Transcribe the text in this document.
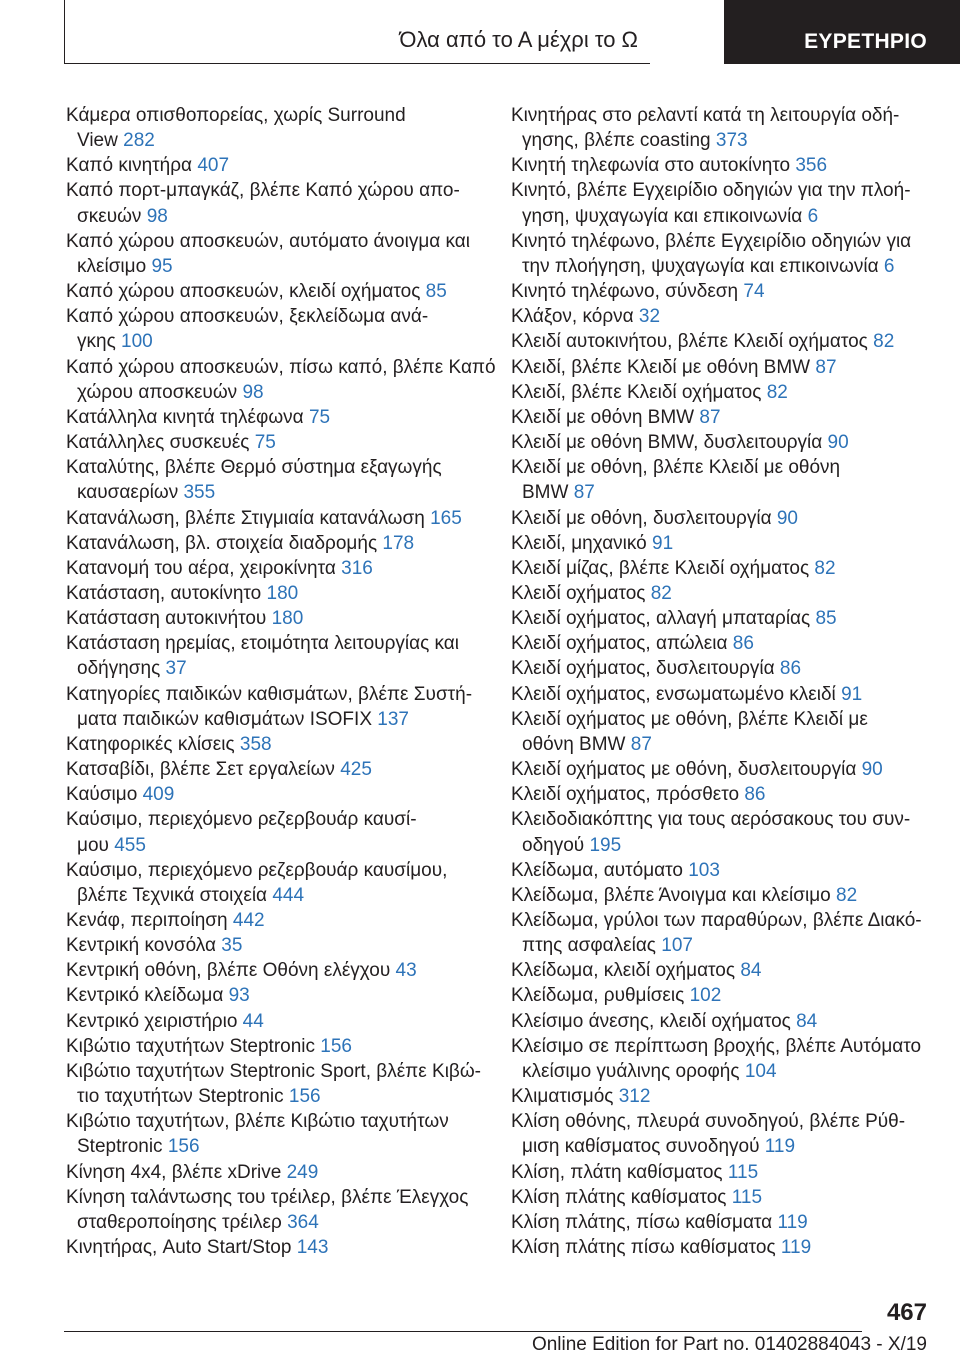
Όλα από το Α μέχρι το Ω	ΕΥΡΕΤΗΡΙΟ

Κάμερα οπισθοπορείας, χωρίς Surround
View 282

Καπό κινητήρα 407

Καπό πορτ-μπαγκάζ, βλέπε Καπό χώρου απο-
σκευών 98

Καπό χώρου αποσκευών, αυτόματο άνοιγμα και
κλείσιμο 95

Καπό χώρου αποσκευών, κλειδί οχήματος 85

Καπό χώρου αποσκευών, ξεκλείδωμα ανά-
γκης 100

Καπό χώρου αποσκευών, πίσω καπό, βλέπε Καπό
χώρου αποσκευών 98

Κατάλληλα κινητά τηλέφωνα 75

Κατάλληλες συσκευές 75

Καταλύτης, βλέπε Θερμό σύστημα εξαγωγής
καυσαερίων 355

Κατανάλωση, βλέπε Στιγμιαία κατανάλωση 165

Κατανάλωση, βλ. στοιχεία διαδρομής 178

Κατανομή του αέρα, χειροκίνητα 316

Κατάσταση, αυτοκίνητο 180

Κατάσταση αυτοκινήτου 180

Κατάσταση ηρεμίας, ετοιμότητα λειτουργίας και
οδήγησης 37

Κατηγορίες παιδικών καθισμάτων, βλέπε Συστή-
ματα παιδικών καθισμάτων ISOFIX 137

Κατηφορικές κλίσεις 358

Κατσαβίδι, βλέπε Σετ εργαλείων 425

Καύσιμο 409

Καύσιμο, περιεχόμενο ρεζερβουάρ καυσί-
μου 455

Καύσιμο, περιεχόμενο ρεζερβουάρ καυσίμου,
βλέπε Τεχνικά στοιχεία 444

Κενάφ, περιποίηση 442

Κεντρική κονσόλα 35

Κεντρική οθόνη, βλέπε Οθόνη ελέγχου 43

Κεντρικό κλείδωμα 93

Κεντρικό χειριστήριο 44

Κιβώτιο ταχυτήτων Steptronic 156

Κιβώτιο ταχυτήτων Steptronic Sport, βλέπε Κιβώ-
τιο ταχυτήτων Steptronic 156

Κιβώτιο ταχυτήτων, βλέπε Κιβώτιο ταχυτήτων
Steptronic 156

Κίνηση 4x4, βλέπε xDrive 249

Κίνηση ταλάντωσης του τρέιλερ, βλέπε Έλεγχος
σταθεροποίησης τρέιλερ 364

Κινητήρας, Auto Start/Stop 143

Κινητήρας στο ρελαντί κατά τη λειτουργία οδή-
γησης, βλέπε coasting 373

Κινητή τηλεφωνία στο αυτοκίνητο 356

Κινητό, βλέπε Εγχειρίδιο οδηγιών για την πλοή-
γηση, ψυχαγωγία και επικοινωνία 6

Κινητό τηλέφωνο, βλέπε Εγχειρίδιο οδηγιών για
την πλοήγηση, ψυχαγωγία και επικοινωνία 6

Κινητό τηλέφωνο, σύνδεση 74

Κλάξον, κόρνα 32

Κλειδί αυτοκινήτου, βλέπε Κλειδί οχήματος 82

Κλειδί, βλέπε Κλειδί με οθόνη BMW 87

Κλειδί, βλέπε Κλειδί οχήματος 82

Κλειδί με οθόνη BMW 87

Κλειδί με οθόνη BMW, δυσλειτουργία 90

Κλειδί με οθόνη, βλέπε Κλειδί με οθόνη
BMW 87

Κλειδί με οθόνη, δυσλειτουργία 90

Κλειδί, μηχανικό 91

Κλειδί μίζας, βλέπε Κλειδί οχήματος 82

Κλειδί οχήματος 82

Κλειδί οχήματος, αλλαγή μπαταρίας 85

Κλειδί οχήματος, απώλεια 86

Κλειδί οχήματος, δυσλειτουργία 86

Κλειδί οχήματος, ενσωματωμένο κλειδί 91

Κλειδί οχήματος με οθόνη, βλέπε Κλειδί με
οθόνη BMW 87

Κλειδί οχήματος με οθόνη, δυσλειτουργία 90

Κλειδί οχήματος, πρόσθετο 86

Κλειδοδιακόπτης για τους αερόσακους του συν-
οδηγού 195

Κλείδωμα, αυτόματο 103

Κλείδωμα, βλέπε Άνοιγμα και κλείσιμο 82

Κλείδωμα, γρύλοι των παραθύρων, βλέπε Διακό-
πτης ασφαλείας 107

Κλείδωμα, κλειδί οχήματος 84

Κλείδωμα, ρυθμίσεις 102

Κλείσιμο άνεσης, κλειδί οχήματος 84

Κλείσιμο σε περίπτωση βροχής, βλέπε Αυτόματο
κλείσιμο γυάλινης οροφής 104

Κλιματισμός 312

Κλίση οθόνης, πλευρά συνοδηγού, βλέπε Ρύθ-
μιση καθίσματος συνοδηγού 119

Κλίση, πλάτη καθίσματος 115

Κλίση πλάτης καθίσματος 115

Κλίση πλάτης, πίσω καθίσματα 119

Κλίση πλάτης πίσω καθίσματος 119

467
Online Edition for Part no. 01402884043 - X/19
